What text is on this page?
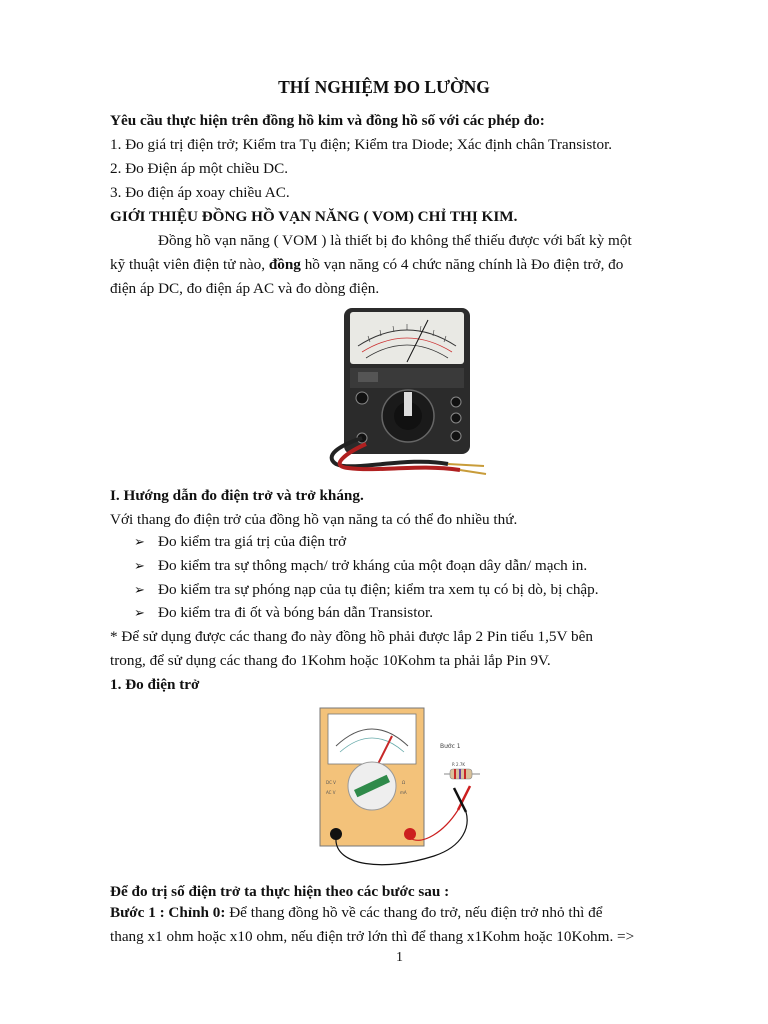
THÍ NGHIỆM ĐO LƯỜNG
Yêu cầu thực hiện trên đồng hồ kim và đồng hồ số với các phép đo:
1. Đo giá trị điện trở; Kiểm tra Tụ điện; Kiểm tra Diode; Xác định chân Transistor.
2. Đo Điện áp một chiều DC.
3. Đo điện áp xoay chiều AC.
GIỚI THIỆU ĐỒNG HỒ VẠN NĂNG ( VOM) CHỈ THỊ KIM.
Đồng hồ vạn năng ( VOM ) là thiết bị đo không thể thiếu được với bất kỳ một
kỹ thuật viên điện tử nào, đồng hồ vạn năng có 4 chức năng chính là Đo điện trở, đo
điện áp DC, đo điện áp AC và đo dòng điện.
I. Hướng dẫn đo điện trở và trở kháng.
Với thang đo điện trở của đồng hồ vạn năng ta có thể đo nhiều thứ.
➢ Đo kiểm tra giá trị của điện trở
➢ Đo kiểm tra sự thông mạch/ trở kháng của một đoạn dây dẫn/ mạch in.
➢ Đo kiểm tra sự phóng nạp của tụ điện; kiểm tra xem tụ có bị dò, bị chập.
➢ Đo kiểm tra đi ốt và bóng bán dẫn Transistor.
* Để sử dụng được các thang đo này đồng hồ phải được lắp 2 Pin tiểu 1,5V bên
trong, để sử dụng các thang đo 1Kohm hoặc 10Kohm ta phải lắp Pin 9V.
1. Đo điện trở
DC V
AC V
Ω
mA
Bước 1
R 2.7K
Để đo trị số điện trở ta thực hiện theo các bước sau :
Bước 1 : Chỉnh 0: Để thang đồng hồ về các thang đo trở, nếu điện trở nhỏ thì để
thang x1 ohm hoặc x10 ohm, nếu điện trở lớn thì để thang x1Kohm hoặc 10Kohm. =>
1
